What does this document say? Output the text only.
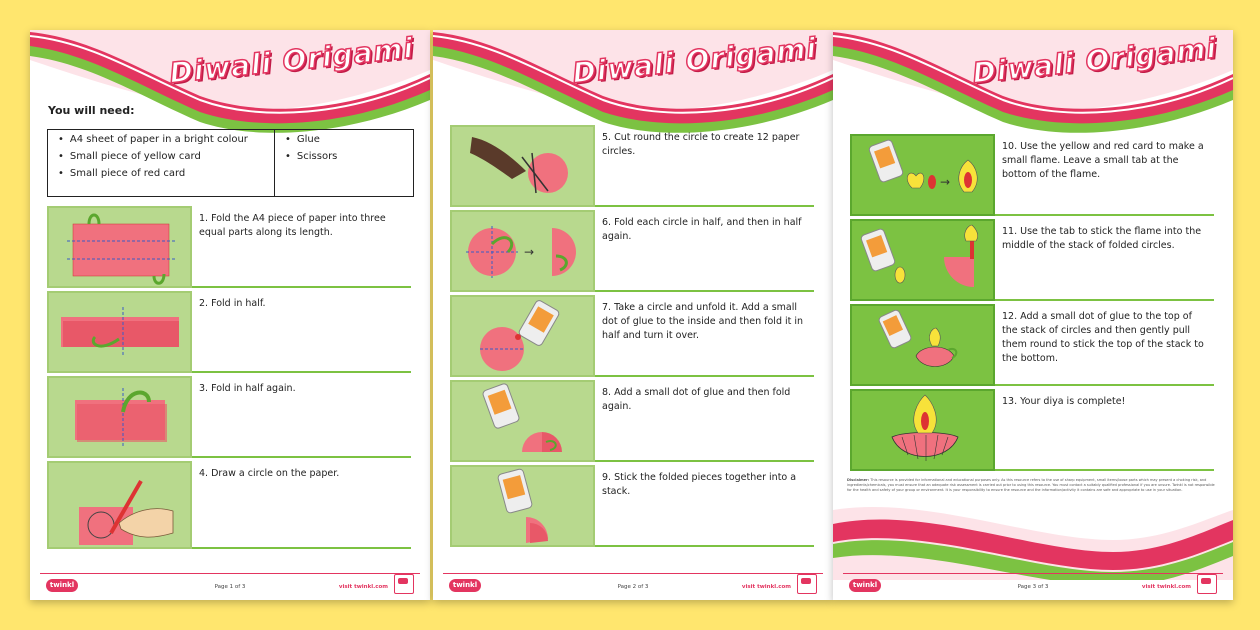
Diwali Origami
You will need:
• A4 sheet of paper in a bright colour
• Small piece of yellow card
• Small piece of red card
• Glue
• Scissors
1. Fold the A4 piece of paper into three equal parts along its length.
2. Fold in half.
3. Fold in half again.
4. Draw a circle on the paper.
twinkl	Page 1 of 3	visit twinkl.com
Diwali Origami
5. Cut round the circle to create 12 paper circles.
→
6. Fold each circle in half, and then in half again.
7. Take a circle and unfold it. Add a small dot of glue to the inside and then fold it in half and turn it over.
8. Add a small dot of glue and then fold again.
9. Stick the folded pieces together into a stack.
twinkl	Page 2 of 3	visit twinkl.com
Diwali Origami
→
10. Use the yellow and red card to make a small flame. Leave a small tab at the bottom of the flame.
11. Use the tab to stick the flame into the middle of the stack of folded circles.
12. Add a small dot of glue to the top of the stack of circles and then gently pull them round to stick the top of the stack to the bottom.
13. Your diya is complete!
Disclaimer: This resource is provided for informational and educational purposes only. As this resource refers to the use of sharp equipment, small items/loose parts which may present a choking risk, and ingredients/chemicals, you must ensure that an adequate risk assessment is carried out prior to using this resource. You must contact a suitably qualified professional if you are unsure. Twinkl is not responsible for the health and safety of your group or environment. It is your responsibility to ensure the resource and the information/activity it contains are safe and appropriate to use in your situation.
twinkl	Page 3 of 3	visit twinkl.com
